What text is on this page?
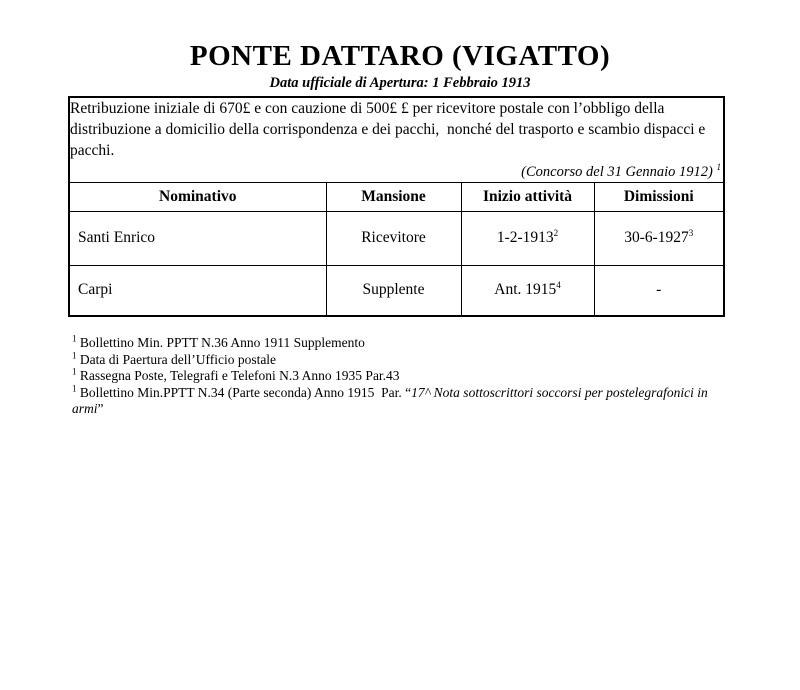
PONTE DATTARO (VIGATTO)
Data ufficiale di Apertura: 1 Febbraio 1913
Retribuzione iniziale di 670£ e con cauzione di 500£ £ per ricevitore postale con l’obbligo della distribuzione a domicilio della corrispondenza e dei pacchi,  nonché del trasporto e scambio dispacci e pacchi.
(Concorso del 31 Gennaio 1912) $^1$

Nominativo	Mansione	Inizio attività	Dimissioni
Santi Enrico	Ricevitore	1-2-1913$^2$	30-6-1927$^3$
Carpi	Supplente	Ant. 1915$^4$	-
$^1$ Bollettino Min. PPTT N.36 Anno 1911 Supplemento
$^1$ Data di Paertura dell’Ufficio postale
$^1$ Rassegna Poste, Telegrafi e Telefoni N.3 Anno 1935 Par.43
$^1$ Bollettino Min.PPTT N.34 (Parte seconda) Anno 1915  Par. “17^ Nota sottoscrittori soccorsi per postelegrafonici in armi”
